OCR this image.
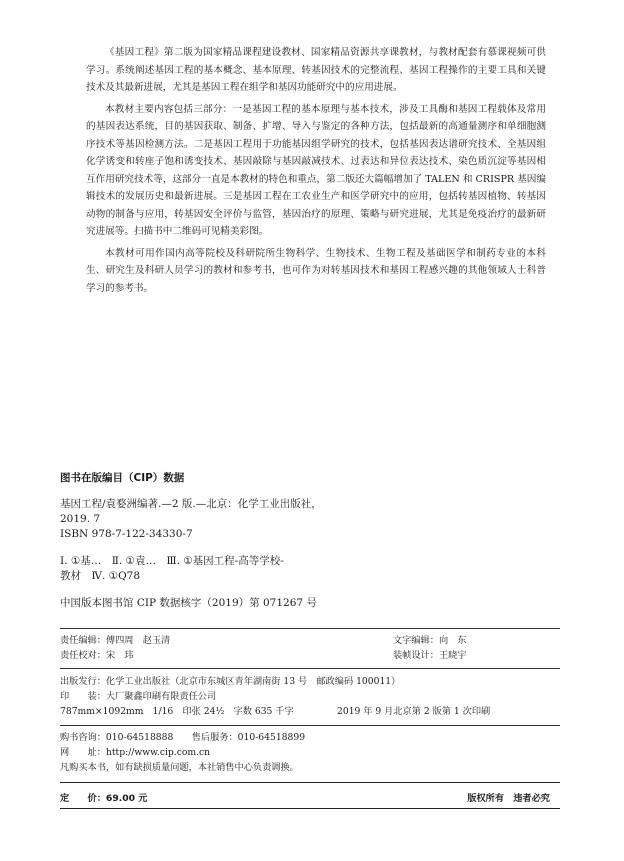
《基因工程》第二版为国家精品课程建设教材、国家精品资源共享课教材，与教材配套有慕课视频可供学习。系统阐述基因工程的基本概念、基本原理、转基因技术的完整流程、基因工程操作的主要工具和关键技术及其最新进展，尤其是基因工程在组学和基因功能研究中的应用进展。

本教材主要内容包括三部分：一是基因工程的基本原理与基本技术，涉及工具酶和基因工程载体及常用的基因表达系统，目的基因获取、制备、扩增、导入与鉴定的各种方法，包括最新的高通量测序和单细胞测序技术等基因检测方法。二是基因工程用于功能基因组学研究的技术，包括基因表达谱研究技术、全基因组化学诱变和转座子饱和诱变技术、基因敲除与基因敲减技术、过表达和异位表达技术、染色质沉淀等基因相互作用研究技术等，这部分一直是本教材的特色和重点，第二版还大篇幅增加了 TALEN 和 CRISPR 基因编辑技术的发展历史和最新进展。三是基因工程在工农业生产和医学研究中的应用，包括转基因植物、转基因动物的制备与应用，转基因安全评价与监管，基因治疗的原理、策略与研究进展，尤其是免疫治疗的最新研究进展等。扫描书中二维码可见精美彩图。

本教材可用作国内高等院校及科研院所生物科学、生物技术、生物工程及基础医学和制药专业的本科生、研究生及科研人员学习的教材和参考书，也可作为对转基因技术和基因工程感兴趣的其他领域人士科普学习的参考书。

图书在版编目（CIP）数据
基因工程/袁婺洲编著.—2 版.—北京：化学工业出版社，
2019. 7
ISBN 978-7-122-34330-7
Ⅰ. ①基…　Ⅱ. ①袁…　Ⅲ. ①基因工程-高等学校-
教材　Ⅳ. ①Q78
中国版本图书馆 CIP 数据核字（2019）第 071267 号
责任编辑：傅四周　赵玉清	文字编辑：向　东
责任校对：宋　玮	装帧设计：王晓宇
出版发行：化学工业出版社（北京市东城区青年湖南街 13 号　邮政编码 100011）
印　　装：大厂聚鑫印刷有限责任公司
787mm×1092mm　1/16　印张 24½　字数 635 千字	2019 年 9 月北京第 2 版第 1 次印刷
购书咨询：010-64518888　　售后服务：010-64518899
网　　址：http://www.cip.com.cn
凡购买本书，如有缺损质量问题，本社销售中心负责调换。
定　　价：69.00 元	版权所有　违者必究
